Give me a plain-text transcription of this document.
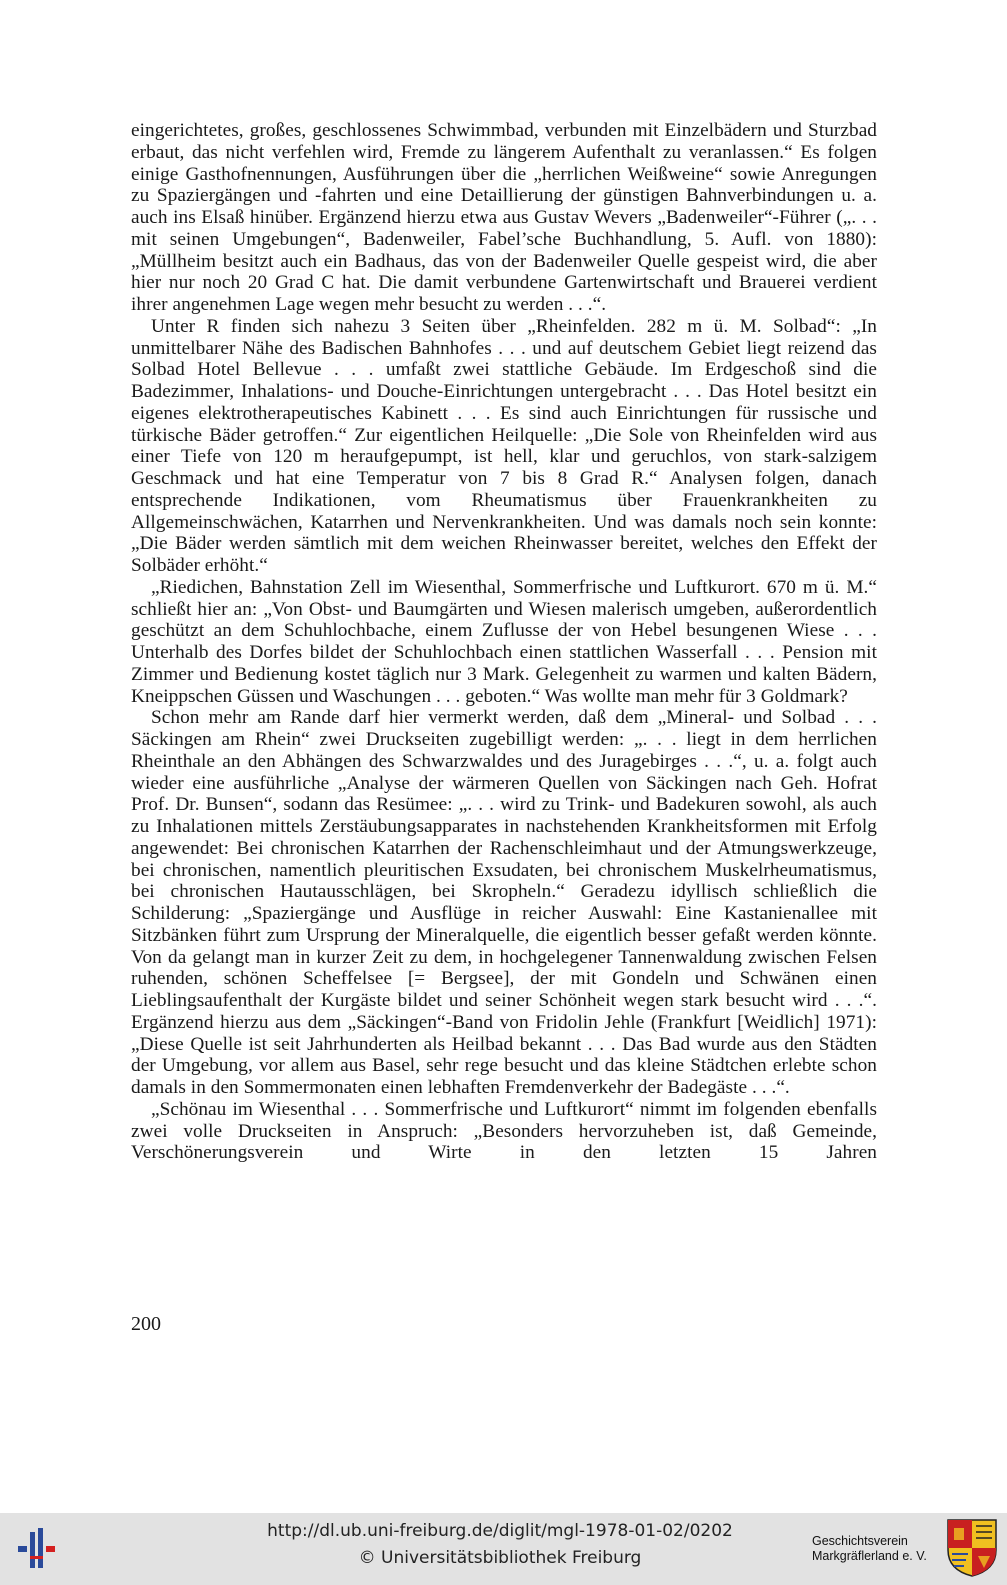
eingerichtetes, großes, geschlossenes Schwimmbad, verbunden mit Einzelbädern und Sturzbad erbaut, das nicht verfehlen wird, Fremde zu längerem Aufenthalt zu veranlassen.“ Es folgen einige Gasthofnennungen, Ausführungen über die „herrlichen Weißweine“ sowie Anregungen zu Spaziergängen und -fahrten und eine Detaillierung der günstigen Bahnverbindungen u. a. auch ins Elsaß hinüber. Ergänzend hierzu etwa aus Gustav Wevers „Badenweiler“-Führer („. . . mit seinen Umgebungen“, Badenweiler, Fabel’sche Buchhandlung, 5. Aufl. von 1880): „Müllheim besitzt auch ein Badhaus, das von der Badenweiler Quelle gespeist wird, die aber hier nur noch 20 Grad C hat. Die damit verbundene Gartenwirtschaft und Brauerei verdient ihrer angenehmen Lage wegen mehr besucht zu werden . . .“.

Unter R finden sich nahezu 3 Seiten über „Rheinfelden. 282 m ü. M. Solbad“: „In unmittelbarer Nähe des Badischen Bahnhofes . . . und auf deutschem Gebiet liegt reizend das Solbad Hotel Bellevue . . . umfaßt zwei stattliche Gebäude. Im Erdgeschoß sind die Badezimmer, Inhalations- und Douche-Einrichtungen untergebracht . . . Das Hotel besitzt ein eigenes elektrotherapeutisches Kabinett . . . Es sind auch Einrichtungen für russische und türkische Bäder getroffen.“ Zur eigentlichen Heilquelle: „Die Sole von Rheinfelden wird aus einer Tiefe von 120 m heraufgepumpt, ist hell, klar und geruchlos, von stark-salzigem Geschmack und hat eine Temperatur von 7 bis 8 Grad R.“ Analysen folgen, danach entsprechende Indikationen, vom Rheumatismus über Frauenkrankheiten zu Allgemeinschwächen, Katarrhen und Nervenkrankheiten. Und was damals noch sein konnte: „Die Bäder werden sämtlich mit dem weichen Rheinwasser bereitet, welches den Effekt der Solbäder erhöht.“

„Riedichen, Bahnstation Zell im Wiesenthal, Sommerfrische und Luftkurort. 670 m ü. M.“ schließt hier an: „Von Obst- und Baumgärten und Wiesen malerisch umgeben, außerordentlich geschützt an dem Schuhlochbache, einem Zuflusse der von Hebel besungenen Wiese . . . Unterhalb des Dorfes bildet der Schuhlochbach einen stattlichen Wasserfall . . . Pension mit Zimmer und Bedienung kostet täglich nur 3 Mark. Gelegenheit zu warmen und kalten Bädern, Kneippschen Güssen und Waschungen . . . geboten.“ Was wollte man mehr für 3 Goldmark?

Schon mehr am Rande darf hier vermerkt werden, daß dem „Mineral- und Solbad . . . Säckingen am Rhein“ zwei Druckseiten zugebilligt werden: „. . . liegt in dem herrlichen Rheinthale an den Abhängen des Schwarzwaldes und des Juragebirges . . .“, u. a. folgt auch wieder eine ausführliche „Analyse der wärmeren Quellen von Säckingen nach Geh. Hofrat Prof. Dr. Bunsen“, sodann das Resümee: „. . . wird zu Trink- und Badekuren sowohl, als auch zu Inhalationen mittels Zerstäubungsapparates in nachstehenden Krankheitsformen mit Erfolg angewendet: Bei chronischen Katarrhen der Rachenschleimhaut und der Atmungswerkzeuge, bei chronischen, namentlich pleuritischen Exsudaten, bei chronischem Muskelrheumatismus, bei chronischen Hautausschlägen, bei Skropheln.“ Geradezu idyllisch schließlich die Schilderung: „Spaziergänge und Ausflüge in reicher Auswahl: Eine Kastanienallee mit Sitzbänken führt zum Ursprung der Mineralquelle, die eigentlich besser gefaßt werden könnte. Von da gelangt man in kurzer Zeit zu dem, in hochgelegener Tannenwaldung zwischen Felsen ruhenden, schönen Scheffelsee [= Bergsee], der mit Gondeln und Schwänen einen Lieblingsaufenthalt der Kurgäste bildet und seiner Schönheit wegen stark besucht wird . . .“. Ergänzend hierzu aus dem „Säckingen“-Band von Fridolin Jehle (Frankfurt [Weidlich] 1971): „Diese Quelle ist seit Jahrhunderten als Heilbad bekannt . . . Das Bad wurde aus den Städten der Umgebung, vor allem aus Basel, sehr rege besucht und das kleine Städtchen erlebte schon damals in den Sommermonaten einen lebhaften Fremdenverkehr der Badegäste . . .“.

„Schönau im Wiesenthal . . . Sommerfrische und Luftkurort“ nimmt im folgenden ebenfalls zwei volle Druckseiten in Anspruch: „Besonders hervorzuheben ist, daß Gemeinde, Verschönerungsverein und Wirte in den letzten 15 Jahren

200
http://dl.ub.uni-freiburg.de/diglit/mgl-1978-01-02/0202
© Universitätsbibliothek Freiburg
Geschichtsverein
Markgräflerland e. V.
